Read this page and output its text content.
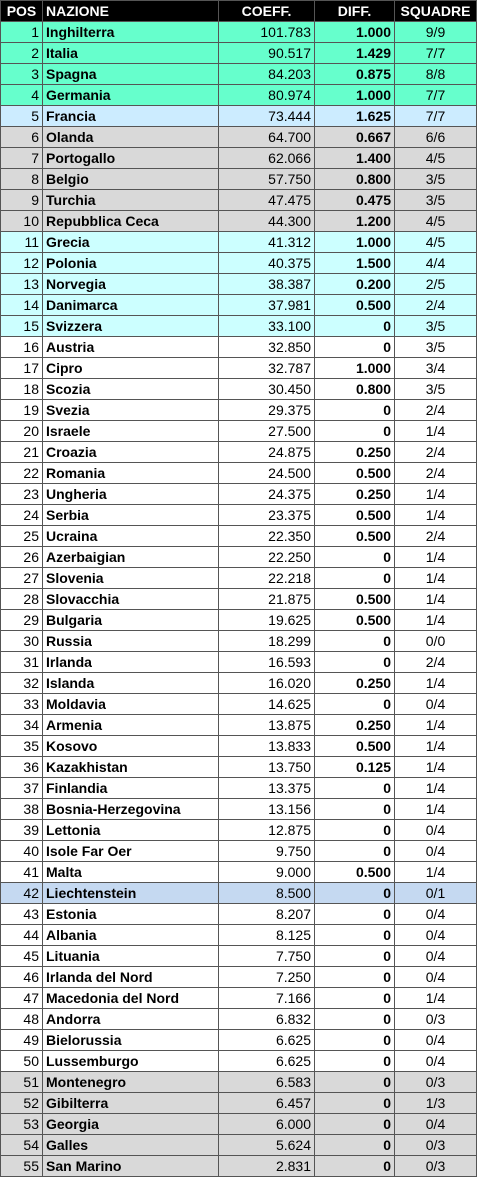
POS	NAZIONE	COEFF.	DIFF.	SQUADRE
1	Inghilterra	101.783	1.000	9/9
2	Italia	90.517	1.429	7/7
3	Spagna	84.203	0.875	8/8
4	Germania	80.974	1.000	7/7
5	Francia	73.444	1.625	7/7
6	Olanda	64.700	0.667	6/6
7	Portogallo	62.066	1.400	4/5
8	Belgio	57.750	0.800	3/5
9	Turchia	47.475	0.475	3/5
10	Repubblica Ceca	44.300	1.200	4/5
11	Grecia	41.312	1.000	4/5
12	Polonia	40.375	1.500	4/4
13	Norvegia	38.387	0.200	2/5
14	Danimarca	37.981	0.500	2/4
15	Svizzera	33.100	0	3/5
16	Austria	32.850	0	3/5
17	Cipro	32.787	1.000	3/4
18	Scozia	30.450	0.800	3/5
19	Svezia	29.375	0	2/4
20	Israele	27.500	0	1/4
21	Croazia	24.875	0.250	2/4
22	Romania	24.500	0.500	2/4
23	Ungheria	24.375	0.250	1/4
24	Serbia	23.375	0.500	1/4
25	Ucraina	22.350	0.500	2/4
26	Azerbaigian	22.250	0	1/4
27	Slovenia	22.218	0	1/4
28	Slovacchia	21.875	0.500	1/4
29	Bulgaria	19.625	0.500	1/4
30	Russia	18.299	0	0/0
31	Irlanda	16.593	0	2/4
32	Islanda	16.020	0.250	1/4
33	Moldavia	14.625	0	0/4
34	Armenia	13.875	0.250	1/4
35	Kosovo	13.833	0.500	1/4
36	Kazakhistan	13.750	0.125	1/4
37	Finlandia	13.375	0	1/4
38	Bosnia-Herzegovina	13.156	0	1/4
39	Lettonia	12.875	0	0/4
40	Isole Far Oer	9.750	0	0/4
41	Malta	9.000	0.500	1/4
42	Liechtenstein	8.500	0	0/1
43	Estonia	8.207	0	0/4
44	Albania	8.125	0	0/4
45	Lituania	7.750	0	0/4
46	Irlanda del Nord	7.250	0	0/4
47	Macedonia del Nord	7.166	0	1/4
48	Andorra	6.832	0	0/3
49	Bielorussia	6.625	0	0/4
50	Lussemburgo	6.625	0	0/4
51	Montenegro	6.583	0	0/3
52	Gibilterra	6.457	0	1/3
53	Georgia	6.000	0	0/4
54	Galles	5.624	0	0/3
55	San Marino	2.831	0	0/3
